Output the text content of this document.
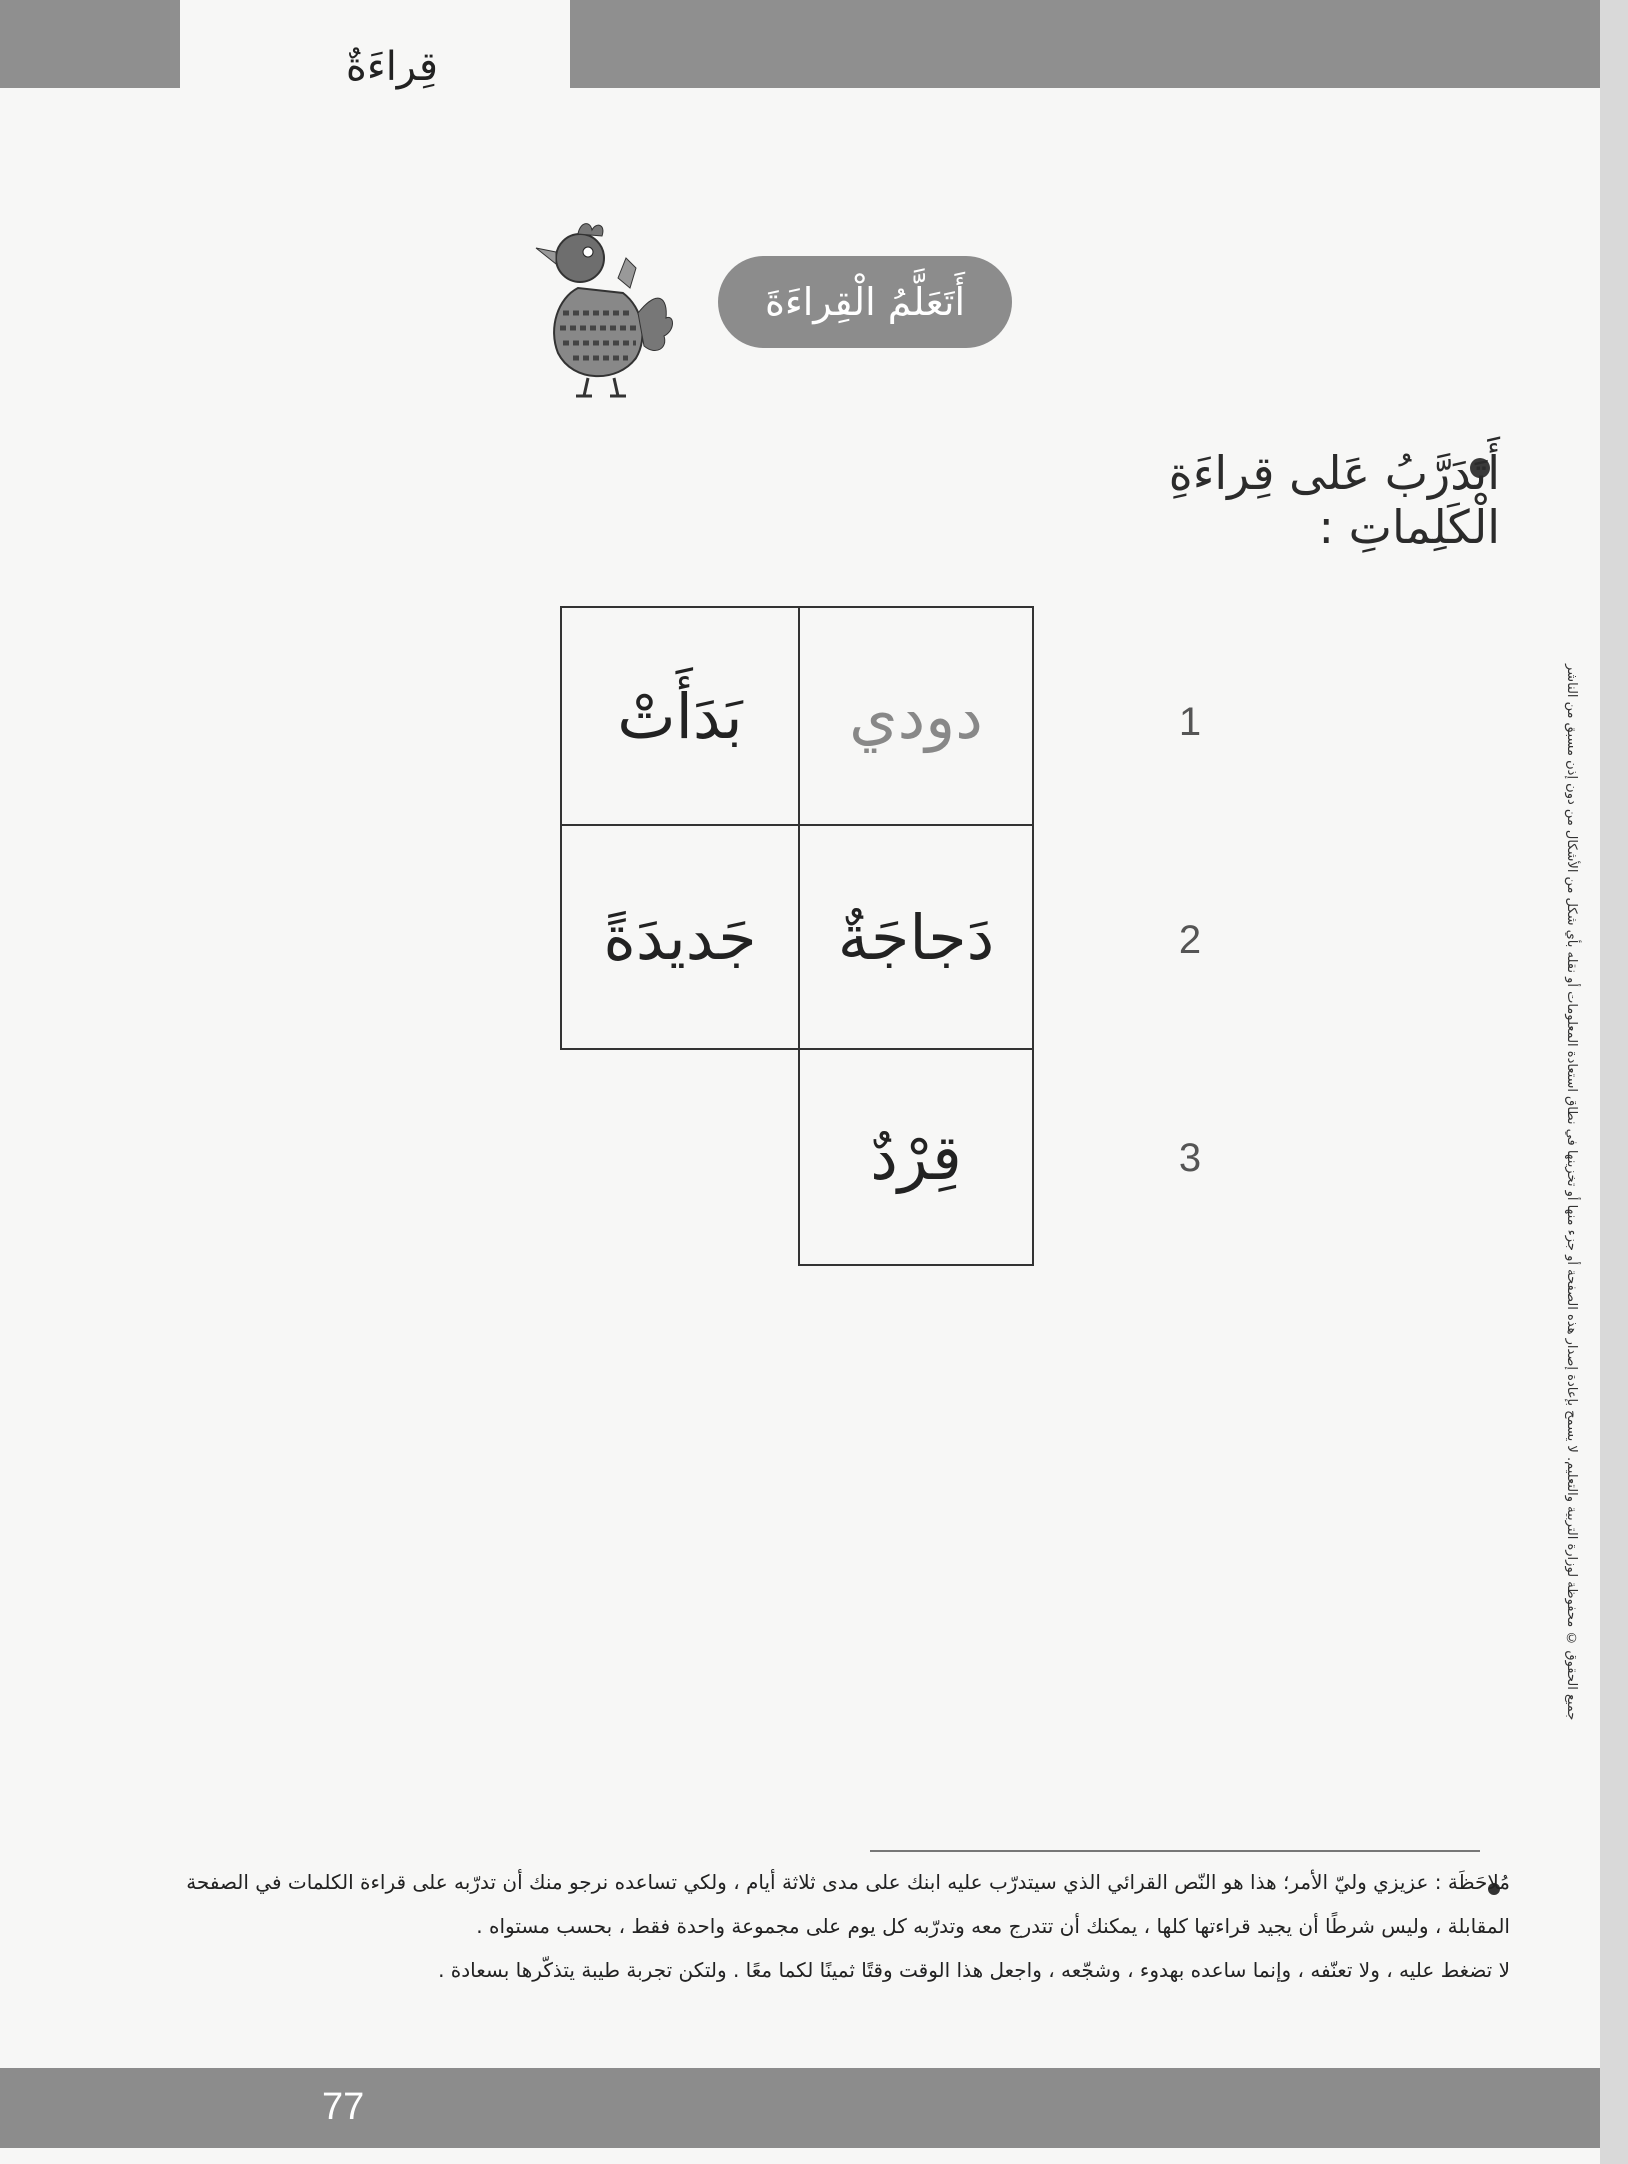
قِراءَةٌ
أَتَعَلَّمُ الْقِراءَةَ
أَتَدَرَّبُ عَلى قِراءَةِ الْكَلِماتِ :
دودي
بَدَأَتْ
دَجاجَةٌ
جَديدَةً
قِرْدٌ
1
2
3	جميع الحقوق © محفوظة لوزارة التربية والتعليم. لا يسمح بإعادة إصدار هذه الصفحة أو جزء منها أو تخزينها في نطاق استعادة المعلومات أو نقله بأي شكل من الأشكال من دون إذن مسبق من الناشر
مُلاحَظَة : عزيزي وليّ الأمر؛ هذا هو النّص القرائي الذي سيتدرّب عليه ابنك على مدى ثلاثة أيام ، ولكي تساعده نرجو منك أن تدرّبه على قراءة الكلمات في الصفحة
المقابلة ، وليس شرطًا أن يجيد قراءتها كلها ، يمكنك أن تتدرج معه وتدرّبه كل يوم على مجموعة واحدة فقط ، بحسب مستواه .
لا تضغط عليه ، ولا تعنّفه ، وإنما ساعده بهدوء ، وشجّعه ، واجعل هذا الوقت وقتًا ثمينًا لكما معًا . ولتكن تجربة طيبة يتذكّرها بسعادة .
77
